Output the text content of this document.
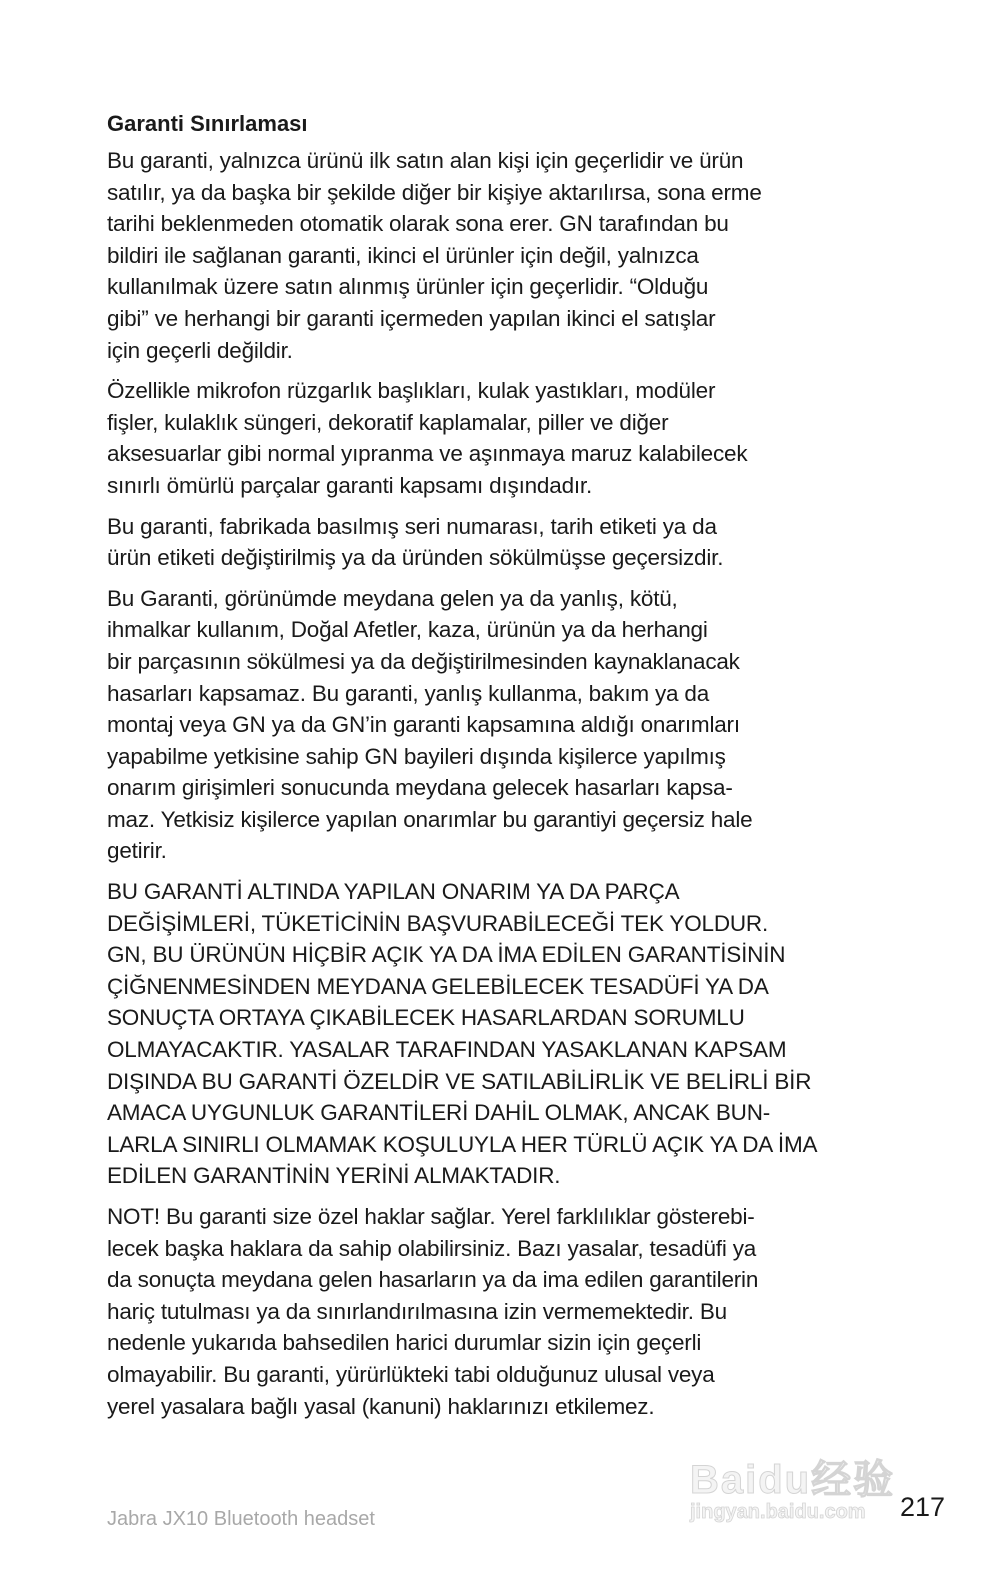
Garanti Sınırlaması
Bu garanti, yalnızca ürünü ilk satın alan kişi için geçerlidir ve ürün
satılır, ya da başka bir şekilde diğer bir kişiye aktarılırsa, sona erme
tarihi beklenmeden otomatik olarak sona erer. GN tarafından bu
bildiri ile sağlanan garanti, ikinci el ürünler için değil, yalnızca
kullanılmak üzere satın alınmış ürünler için geçerlidir. “Olduğu
gibi” ve herhangi bir garanti içermeden yapılan ikinci el satışlar
için geçerli değildir.
Özellikle mikrofon rüzgarlık başlıkları, kulak yastıkları, modüler
fişler, kulaklık süngeri, dekoratif kaplamalar, piller ve diğer
aksesuarlar gibi normal yıpranma ve aşınmaya maruz kalabilecek
sınırlı ömürlü parçalar garanti kapsamı dışındadır.
Bu garanti, fabrikada basılmış seri numarası, tarih etiketi ya da
ürün etiketi değiştirilmiş ya da üründen sökülmüşse geçersizdir.
Bu Garanti, görünümde meydana gelen ya da yanlış, kötü,
ihmalkar kullanım, Doğal Afetler, kaza, ürünün ya da herhangi
bir parçasının sökülmesi ya da değiştirilmesinden kaynaklanacak
hasarları kapsamaz. Bu garanti, yanlış kullanma, bakım ya da
montaj veya GN ya da GN’in garanti kapsamına aldığı onarımları
yapabilme yetkisine sahip GN bayileri dışında kişilerce yapılmış
onarım girişimleri sonucunda meydana gelecek hasarları kapsa-
maz. Yetkisiz kişilerce yapılan onarımlar bu garantiyi geçersiz hale
getirir.
BU GARANTİ ALTINDA YAPILAN ONARIM YA DA PARÇA
DEĞİŞİMLERİ, TÜKETİCİNİN BAŞVURABİLECEĞİ TEK YOLDUR.
GN, BU ÜRÜNÜN HİÇBİR AÇIK YA DA İMA EDİLEN GARANTİSİNİN
ÇİĞNENMESİNDEN MEYDANA GELEBİLECEK TESADÜFİ YA DA
SONUÇTA ORTAYA ÇIKABİLECEK HASARLARDAN SORUMLU
OLMAYACAKTIR. YASALAR TARAFINDAN YASAKLANAN KAPSAM
DIŞINDA BU GARANTİ ÖZELDİR VE SATILABİLİRLİK VE BELİRLİ BİR
AMACA UYGUNLUK GARANTİLERİ DAHİL OLMAK, ANCAK BUN-
LARLA SINIRLI OLMAMAK KOŞULUYLA HER TÜRLÜ AÇIK YA DA İMA
EDİLEN GARANTİNİN YERİNİ ALMAKTADIR.
NOT! Bu garanti size özel haklar sağlar. Yerel farklılıklar gösterebi-
lecek başka haklara da sahip olabilirsiniz. Bazı yasalar, tesadüfi ya
da sonuçta meydana gelen hasarların ya da ima edilen garantilerin
hariç tutulması ya da sınırlandırılmasına izin vermemektedir. Bu
nedenle yukarıda bahsedilen harici durumlar sizin için geçerli
olmayabilir. Bu garanti, yürürlükteki tabi olduğunuz ulusal veya
yerel yasalara bağlı yasal (kanuni) haklarınızı etkilemez.
Baidu经验
jingyan.baidu.com
Jabra JX10 Bluetooth headset	217
